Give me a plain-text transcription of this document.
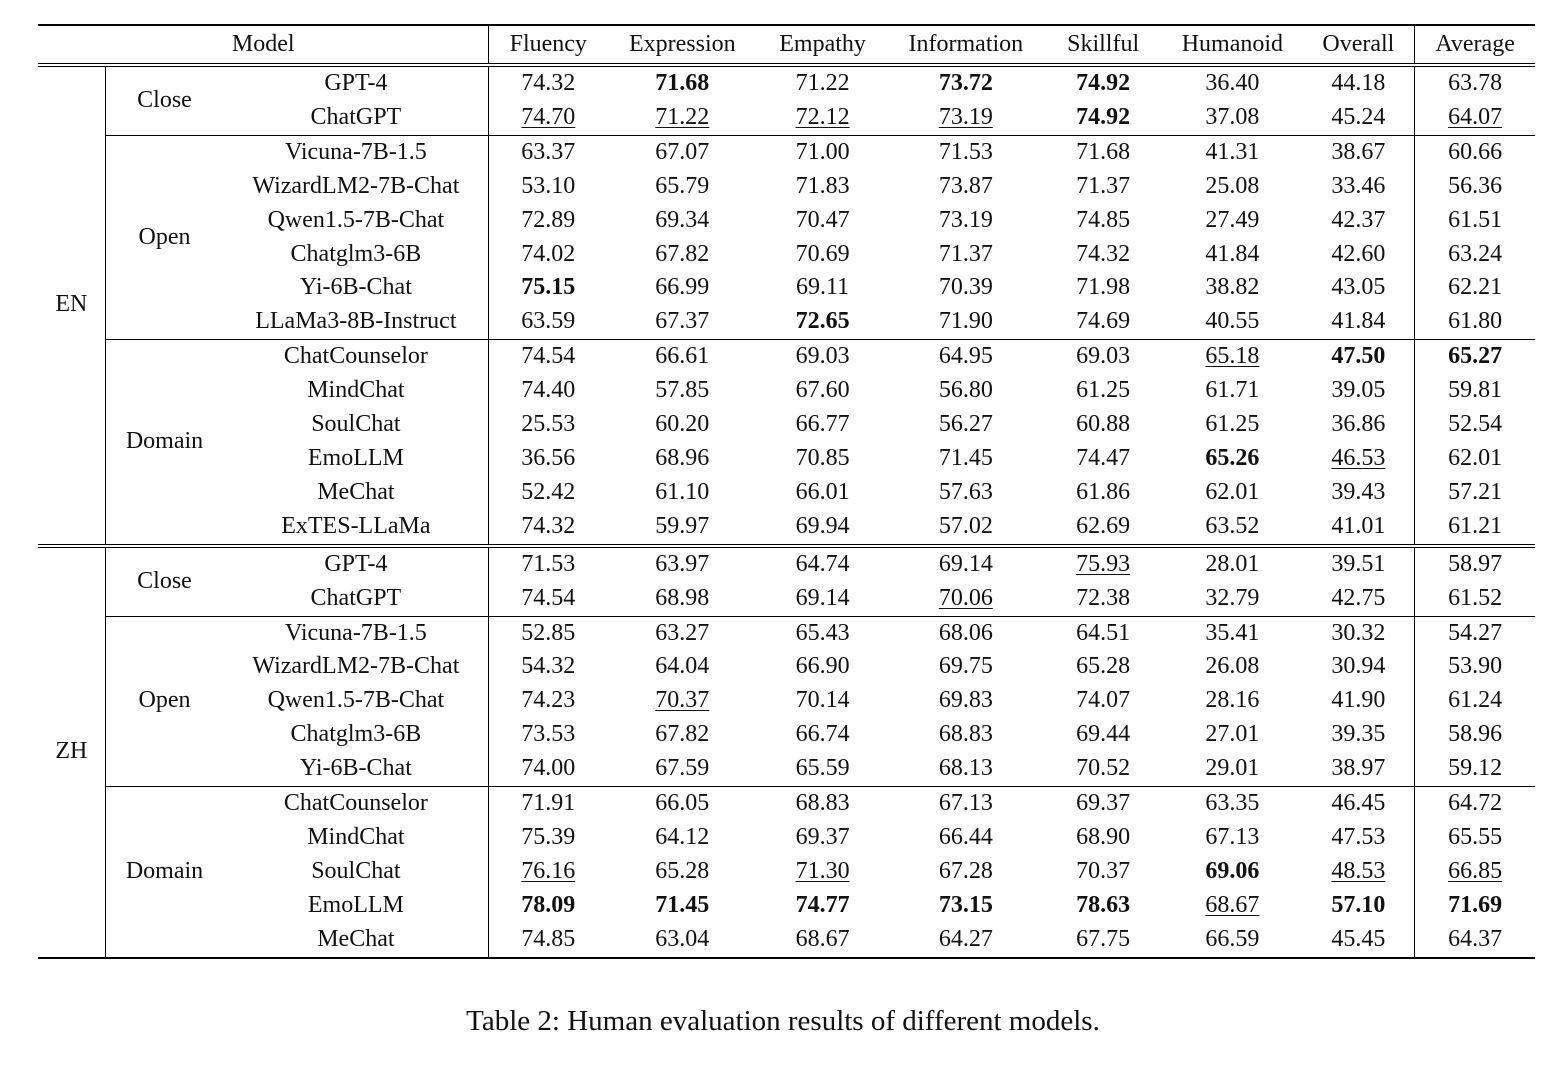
Model			Fluency	Expression	Empathy	Information	Skillful	Humanoid	Overall	Average
EN	Close	GPT-4	74.32	71.68	71.22	73.72	74.92	36.40	44.18	63.78
		ChatGPT	74.70	71.22	72.12	73.19	74.92	37.08	45.24	64.07
	Open	Vicuna-7B-1.5	63.37	67.07	71.00	71.53	71.68	41.31	38.67	60.66
		WizardLM2-7B-Chat	53.10	65.79	71.83	73.87	71.37	25.08	33.46	56.36
		Qwen1.5-7B-Chat	72.89	69.34	70.47	73.19	74.85	27.49	42.37	61.51
		Chatglm3-6B	74.02	67.82	70.69	71.37	74.32	41.84	42.60	63.24
		Yi-6B-Chat	75.15	66.99	69.11	70.39	71.98	38.82	43.05	62.21
		LLaMa3-8B-Instruct	63.59	67.37	72.65	71.90	74.69	40.55	41.84	61.80
	Domain	ChatCounselor	74.54	66.61	69.03	64.95	69.03	65.18	47.50	65.27
		MindChat	74.40	57.85	67.60	56.80	61.25	61.71	39.05	59.81
		SoulChat	25.53	60.20	66.77	56.27	60.88	61.25	36.86	52.54
		EmoLLM	36.56	68.96	70.85	71.45	74.47	65.26	46.53	62.01
		MeChat	52.42	61.10	66.01	57.63	61.86	62.01	39.43	57.21
		ExTES-LLaMa	74.32	59.97	69.94	57.02	62.69	63.52	41.01	61.21
ZH	Close	GPT-4	71.53	63.97	64.74	69.14	75.93	28.01	39.51	58.97
		ChatGPT	74.54	68.98	69.14	70.06	72.38	32.79	42.75	61.52
	Open	Vicuna-7B-1.5	52.85	63.27	65.43	68.06	64.51	35.41	30.32	54.27
		WizardLM2-7B-Chat	54.32	64.04	66.90	69.75	65.28	26.08	30.94	53.90
		Qwen1.5-7B-Chat	74.23	70.37	70.14	69.83	74.07	28.16	41.90	61.24
		Chatglm3-6B	73.53	67.82	66.74	68.83	69.44	27.01	39.35	58.96
		Yi-6B-Chat	74.00	67.59	65.59	68.13	70.52	29.01	38.97	59.12
	Domain	ChatCounselor	71.91	66.05	68.83	67.13	69.37	63.35	46.45	64.72
		MindChat	75.39	64.12	69.37	66.44	68.90	67.13	47.53	65.55
		SoulChat	76.16	65.28	71.30	67.28	70.37	69.06	48.53	66.85
		EmoLLM	78.09	71.45	74.77	73.15	78.63	68.67	57.10	71.69
		MeChat	74.85	63.04	68.67	64.27	67.75	66.59	45.45	64.37
Table 2: Human evaluation results of different models.
